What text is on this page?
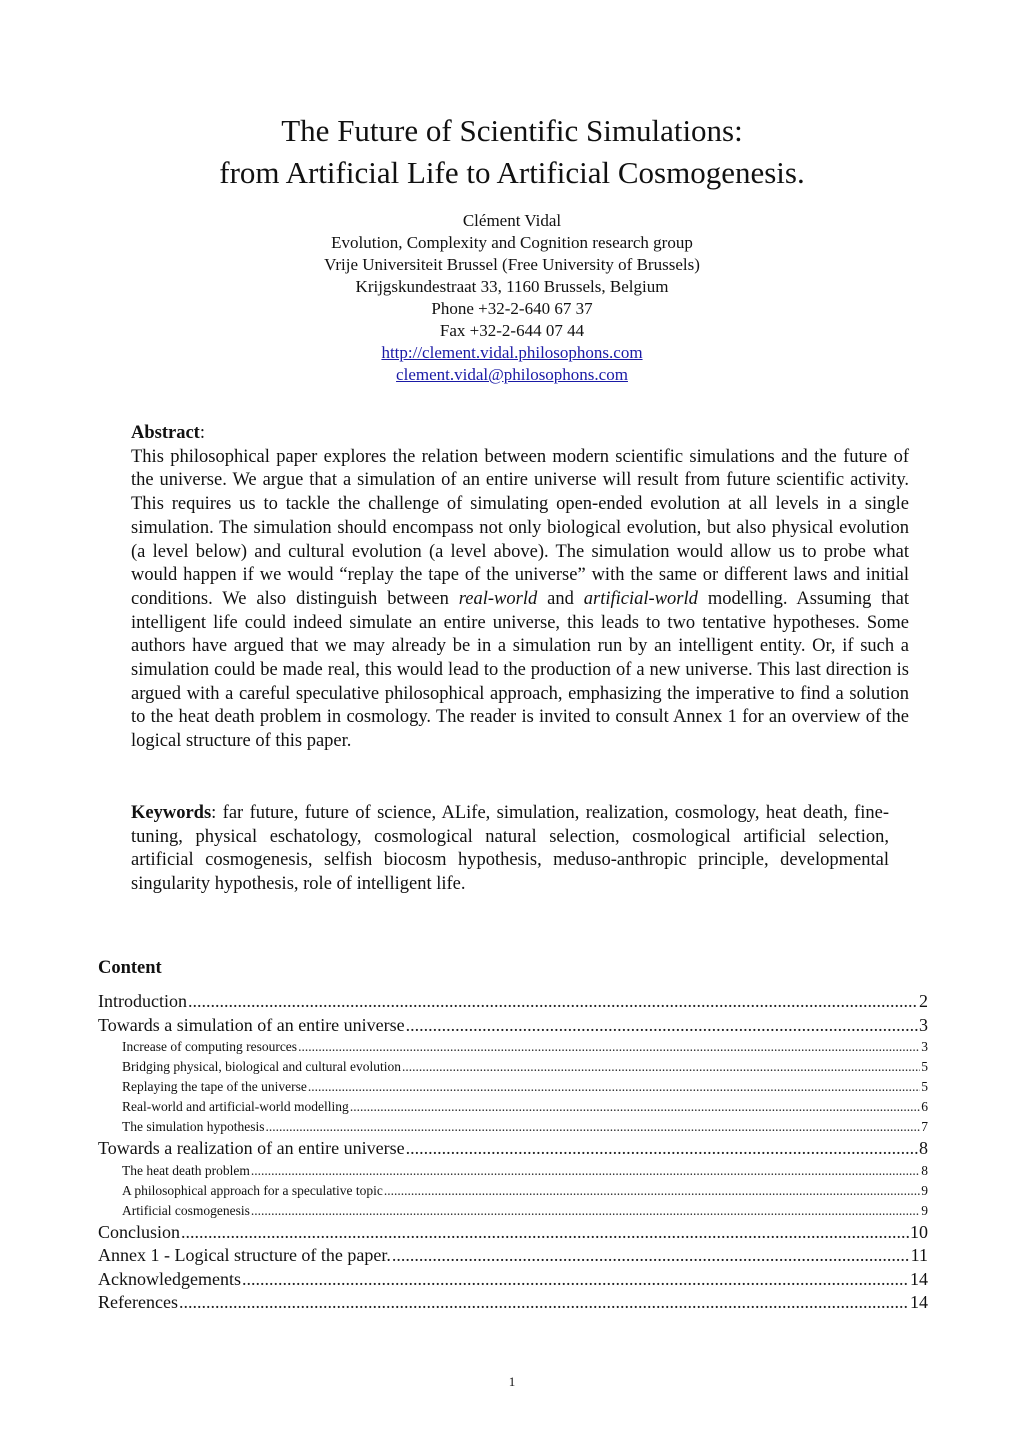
The Future of Scientific Simulations:
from Artificial Life to Artificial Cosmogenesis.
Clément Vidal
Evolution, Complexity and Cognition research group
Vrije Universiteit Brussel (Free University of Brussels)
Krijgskundestraat 33, 1160 Brussels, Belgium
Phone +32-2-640 67 37
Fax +32-2-644 07 44
http://clement.vidal.philosophons.com
clement.vidal@philosophons.com
Abstract:

This philosophical paper explores the relation between modern scientific simulations and the future of the universe. We argue that a simulation of an entire universe will result from future scientific activity. This requires us to tackle the challenge of simulating open-ended evolution at all levels in a single simulation. The simulation should encompass not only biological evolution, but also physical evolution (a level below) and cultural evolution (a level above). The simulation would allow us to probe what would happen if we would “replay the tape of the universe” with the same or different laws and initial conditions. We also distinguish between real-world and artificial-world modelling. Assuming that intelligent life could indeed simulate an entire universe, this leads to two tentative hypotheses. Some authors have argued that we may already be in a simulation run by an intelligent entity. Or, if such a simulation could be made real, this would lead to the production of a new universe. This last direction is argued with a careful speculative philosophical approach, emphasizing the imperative to find a solution to the heat death problem in cosmology. The reader is invited to consult Annex 1 for an overview of the logical structure of this paper.

Keywords: far future, future of science, ALife, simulation, realization, cosmology, heat death, fine-tuning, physical eschatology, cosmological natural selection, cosmological artificial selection, artificial cosmogenesis, selfish biocosm hypothesis, meduso-anthropic principle, developmental singularity hypothesis, role of intelligent life.

Content
Introduction .....	2
Towards a simulation of an entire universe .....	3
Increase of computing resources .....	3
Bridging physical, biological and cultural evolution .....	5
Replaying the tape of the universe .....	5
Real-world and artificial-world modelling .....	6
The simulation hypothesis .....	7
Towards a realization of an entire universe .....	8
The heat death problem .....	8
A philosophical approach for a speculative topic .....	9
Artificial cosmogenesis .....	9
Conclusion .....	10
Annex 1 - Logical structure of the paper. .....	11
Acknowledgements .....	14
References .....	14
1
